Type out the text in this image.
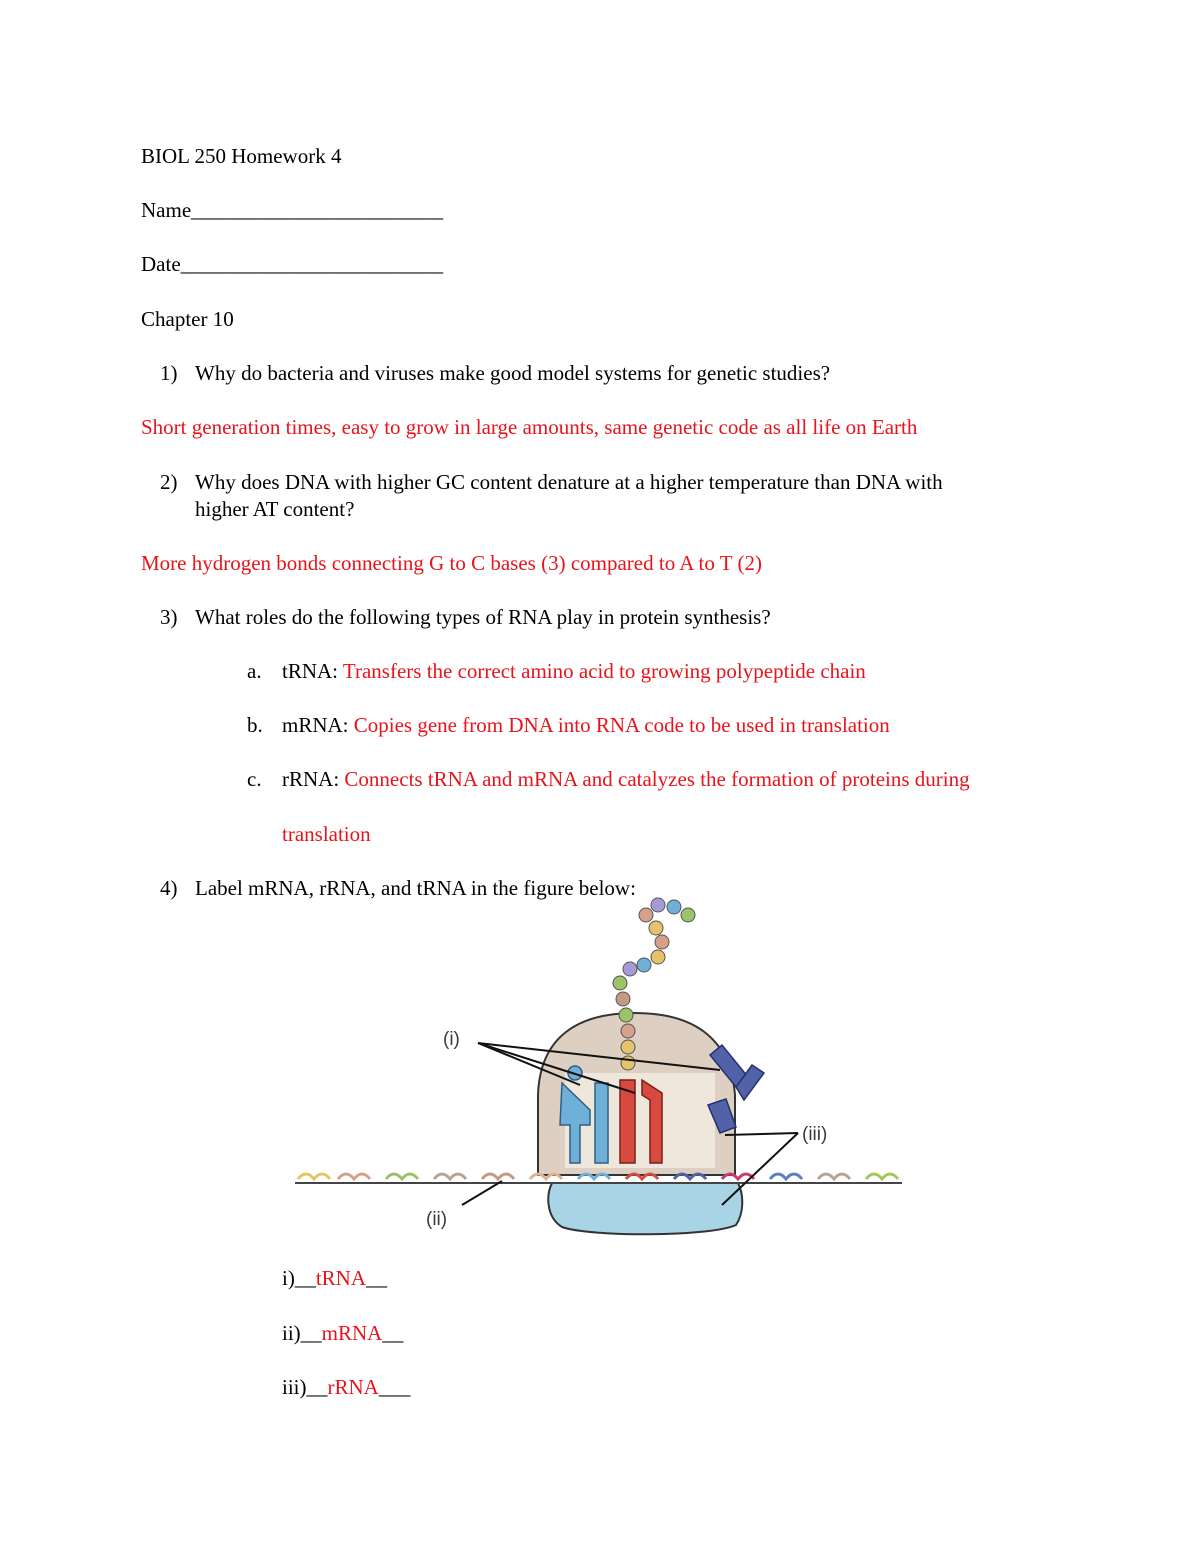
BIOL 250 Homework 4
Name________________________
Date_________________________
Chapter 10
1) Why do bacteria and viruses make good model systems for genetic studies?
Short generation times, easy to grow in large amounts, same genetic code as all life on Earth
2) Why does DNA with higher GC content denature at a higher temperature than DNA with
higher AT content?
More hydrogen bonds connecting G to C bases (3) compared to A to T (2)
3) What roles do the following types of RNA play in protein synthesis?
a. tRNA: Transfers the correct amino acid to growing polypeptide chain
b. mRNA: Copies gene from DNA into RNA code to be used in translation
c. rRNA: Connects tRNA and mRNA and catalyzes the formation of proteins during
translation
4) Label mRNA, rRNA, and tRNA in the figure below:
(i)
(iii)
(ii)
i)__tRNA__
ii)__mRNA__
iii)__rRNA___
